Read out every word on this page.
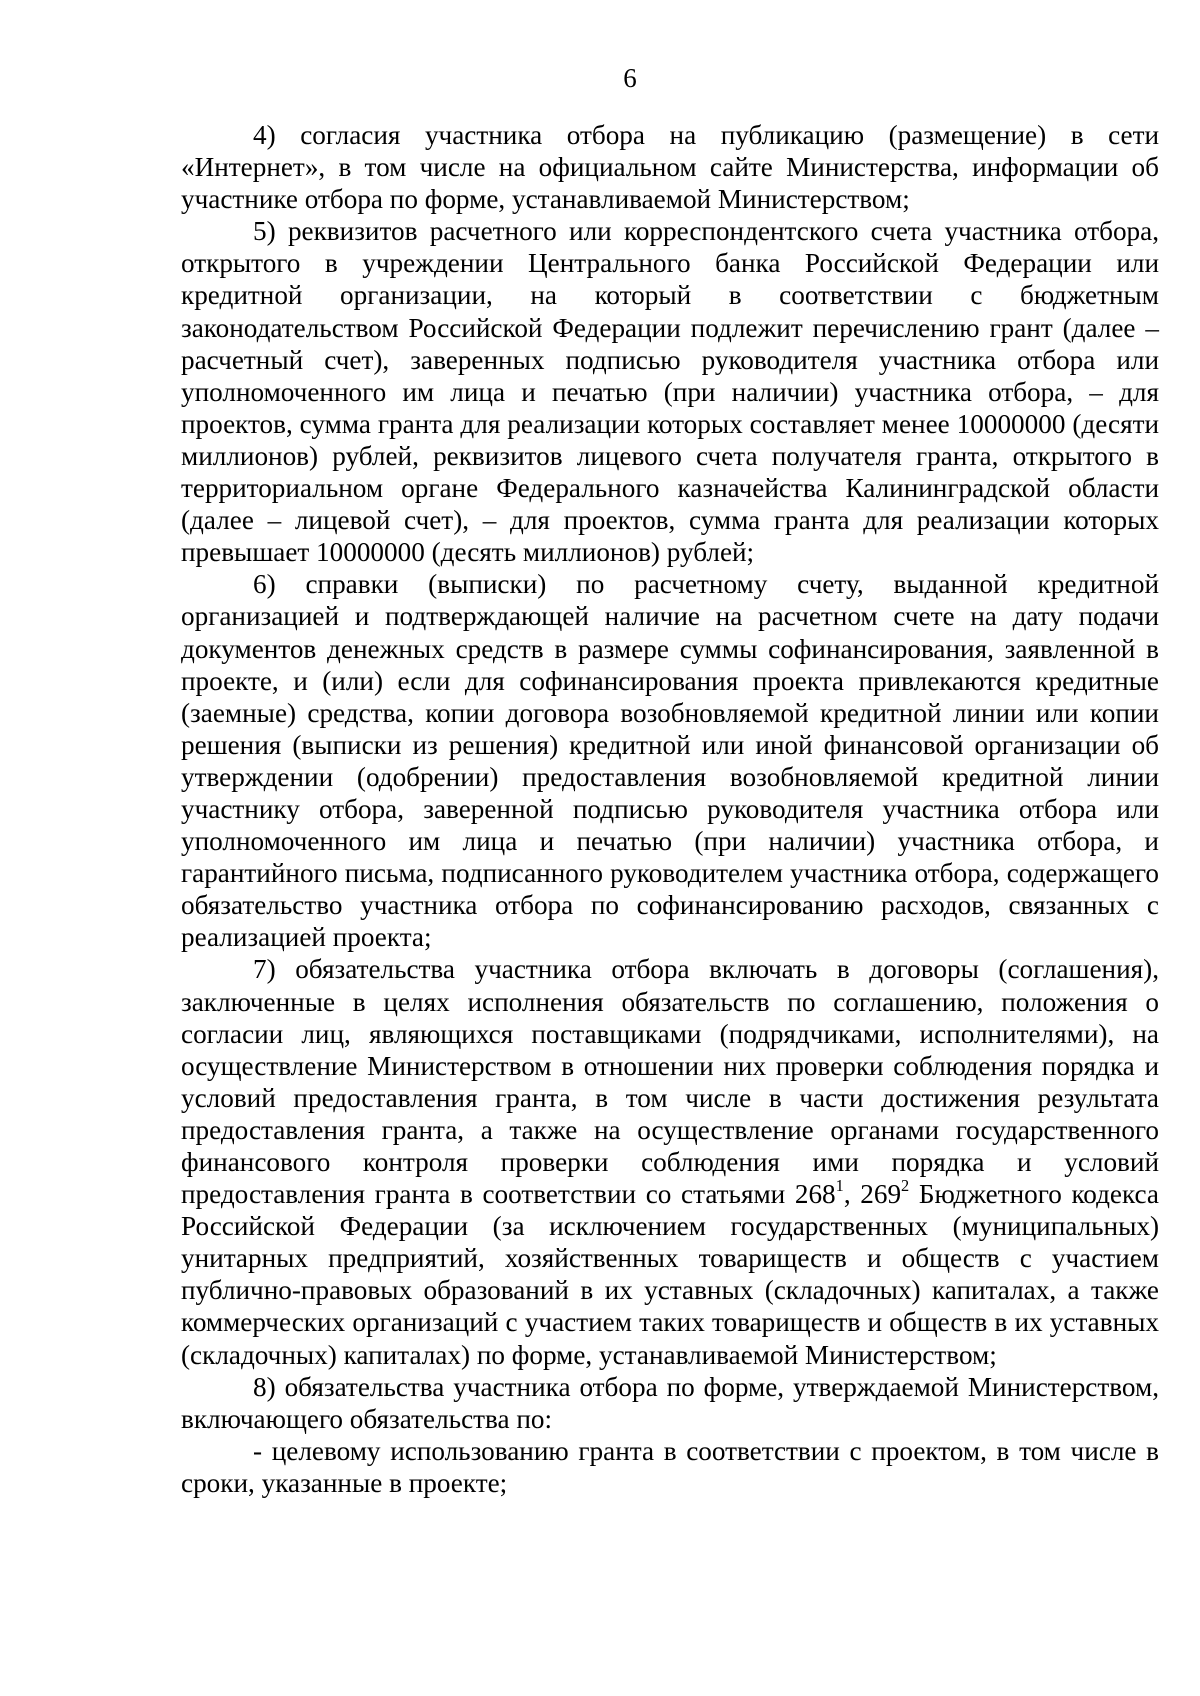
6

4) согласия участника отбора на публикацию (размещение) в сети «Интернет», в том числе на официальном сайте Министерства, информации об участнике отбора по форме, устанавливаемой Министерством;

5) реквизитов расчетного или корреспондентского счета участника отбора, открытого в учреждении Центрального банка Российской Федерации или кредитной организации, на который в соответствии с бюджетным законодательством Российской Федерации подлежит перечислению грант (далее – расчетный счет), заверенных подписью руководителя участника отбора или уполномоченного им лица и печатью (при наличии) участника отбора, – для проектов, сумма гранта для реализации которых составляет менее 10000000 (десяти миллионов) рублей, реквизитов лицевого счета получателя гранта, открытого в территориальном органе Федерального казначейства Калининградской области (далее – лицевой счет), – для проектов, сумма гранта для реализации которых превышает 10000000 (десять миллионов) рублей;

6) справки (выписки) по расчетному счету, выданной кредитной организацией и подтверждающей наличие на расчетном счете на дату подачи документов денежных средств в размере суммы софинансирования, заявленной в проекте, и (или) если для софинансирования проекта привлекаются кредитные (заемные) средства, копии договора возобновляемой кредитной линии или копии решения (выписки из решения) кредитной или иной финансовой организации об утверждении (одобрении) предоставления возобновляемой кредитной линии участнику отбора, заверенной подписью руководителя участника отбора или уполномоченного им лица и печатью (при наличии) участника отбора, и гарантийного письма, подписанного руководителем участника отбора, содержащего обязательство участника отбора по софинансированию расходов, связанных с реализацией проекта;

7) обязательства участника отбора включать в договоры (соглашения), заключенные в целях исполнения обязательств по соглашению, положения о согласии лиц, являющихся поставщиками (подрядчиками, исполнителями), на осуществление Министерством в отношении них проверки соблюдения порядка и условий предоставления гранта, в том числе в части достижения результата предоставления гранта, а также на осуществление органами государственного финансового контроля проверки соблюдения ими порядка и условий предоставления гранта в соответствии со статьями $268^1$, $269^2$ Бюджетного кодекса Российской Федерации (за исключением государственных (муниципальных) унитарных предприятий, хозяйственных товариществ и обществ с участием публично-правовых образований в их уставных (складочных) капиталах, а также коммерческих организаций с участием таких товариществ и обществ в их уставных (складочных) капиталах) по форме, устанавливаемой Министерством;

8) обязательства участника отбора по форме, утверждаемой Министерством, включающего обязательства по:

- целевому использованию гранта в соответствии с проектом, в том числе в сроки, указанные в проекте;
